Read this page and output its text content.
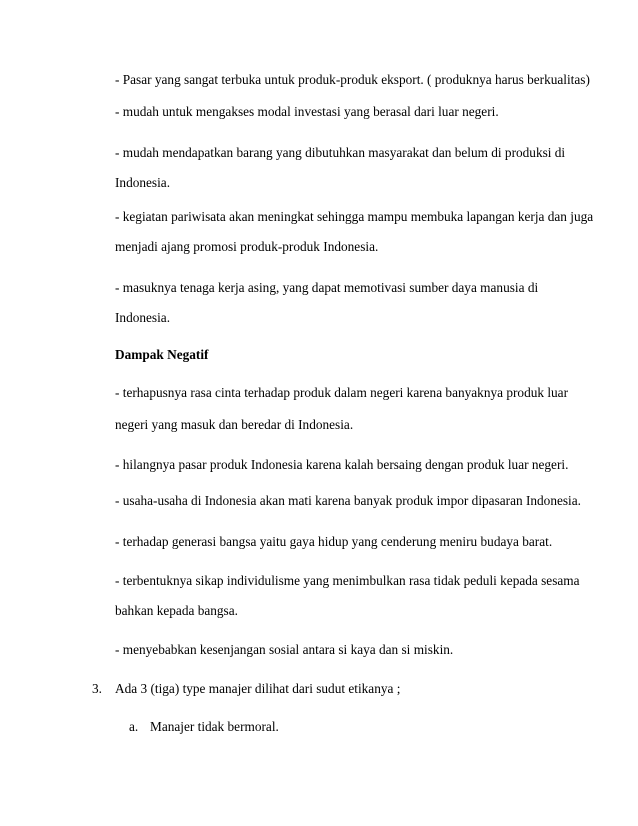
- Pasar yang sangat terbuka untuk produk-produk eksport. ( produknya harus berkualitas)

- mudah untuk mengakses modal investasi yang berasal dari luar negeri.

- mudah mendapatkan barang yang dibutuhkan masyarakat dan belum di produksi di

Indonesia.

- kegiatan pariwisata akan meningkat sehingga mampu membuka lapangan kerja dan juga

menjadi ajang promosi produk-produk Indonesia.

- masuknya tenaga kerja asing, yang dapat memotivasi sumber daya manusia di

Indonesia.

Dampak Negatif

- terhapusnya rasa cinta terhadap produk dalam negeri karena banyaknya produk luar

negeri yang masuk dan beredar di Indonesia.

- hilangnya pasar produk Indonesia karena kalah bersaing dengan produk luar negeri.

- usaha-usaha di Indonesia akan mati karena banyak produk impor dipasaran Indonesia.

- terhadap generasi bangsa yaitu gaya hidup yang cenderung meniru budaya barat.

- terbentuknya sikap individulisme yang menimbulkan rasa tidak peduli kepada sesama

bahkan kepada bangsa.

- menyebabkan kesenjangan sosial antara si kaya dan si miskin.

3. Ada 3 (tiga) type manajer dilihat dari sudut etikanya ;

a. Manajer tidak bermoral.
